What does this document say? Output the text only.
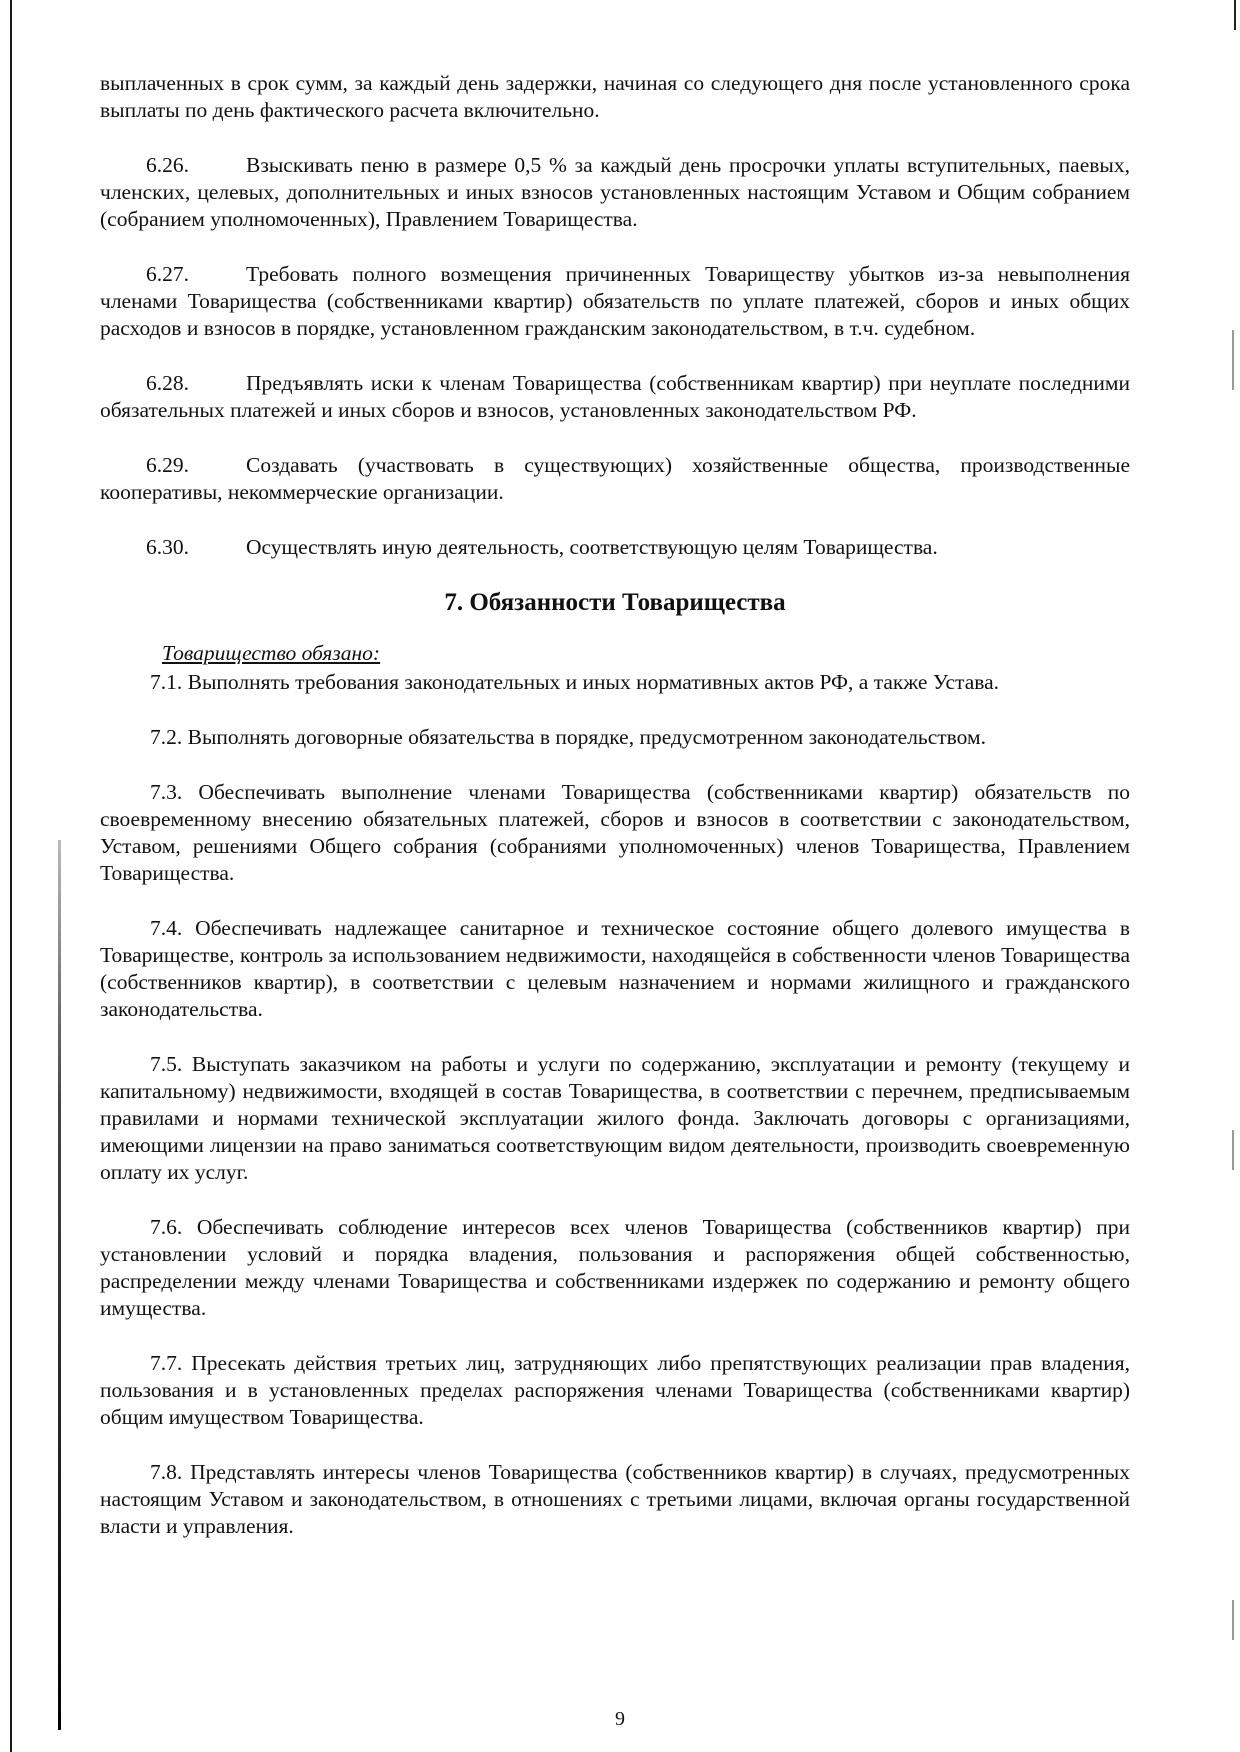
выплаченных в срок сумм, за каждый день задержки, начиная со следующего дня после установленного срока выплаты по день фактического расчета включительно.

6.26.	Взыскивать пеню в размере 0,5 % за каждый день просрочки уплаты вступительных, паевых, членских, целевых, дополнительных и иных взносов установленных настоящим Уставом и Общим собранием (собранием уполномоченных), Правлением Товарищества.

6.27.	Требовать полного возмещения причиненных Товариществу убытков из-за невыполнения членами Товарищества (собственниками квартир) обязательств по уплате платежей, сборов и иных общих расходов и взносов в порядке, установленном гражданским законодательством, в т.ч. судебном.

6.28.	Предъявлять иски к членам Товарищества (собственникам квартир) при неуплате последними обязательных платежей и иных сборов и взносов, установленных законодательством РФ.

6.29.	Создавать (участвовать в существующих) хозяйственные общества, производственные кооперативы, некоммерческие организации.

6.30.	Осуществлять иную деятельность, соответствующую целям Товарищества.

7. Обязанности Товарищества
Товарищество обязано:

7.1. Выполнять требования законодательных и иных нормативных актов РФ, а также Устава.

7.2. Выполнять договорные обязательства в порядке, предусмотренном законодательством.

7.3. Обеспечивать выполнение членами Товарищества (собственниками квартир) обязательств по своевременному внесению обязательных платежей, сборов и взносов в соответствии с законодательством, Уставом, решениями Общего собрания (собраниями уполномоченных) членов Товарищества, Правлением Товарищества.

7.4. Обеспечивать надлежащее санитарное и техническое состояние общего долевого имущества в Товариществе, контроль за использованием недвижимости, находящейся в собственности членов Товарищества (собственников квартир), в соответствии с целевым назначением и нормами жилищного и гражданского законодательства.

7.5. Выступать заказчиком на работы и услуги по содержанию, эксплуатации и ремонту (текущему и капитальному) недвижимости, входящей в состав Товарищества, в соответствии с перечнем, предписываемым правилами и нормами технической эксплуатации жилого фонда. Заключать договоры с организациями, имеющими лицензии на право заниматься соответствующим видом деятельности, производить своевременную оплату их услуг.

7.6. Обеспечивать соблюдение интересов всех членов Товарищества (собственников квартир) при установлении условий и порядка владения, пользования и распоряжения общей собственностью, распределении между членами Товарищества и собственниками издержек по содержанию и ремонту общего имущества.

7.7. Пресекать действия третьих лиц, затрудняющих либо препятствующих реализации прав владения, пользования и в установленных пределах распоряжения членами Товарищества (собственниками квартир) общим имуществом Товарищества.

7.8. Представлять интересы членов Товарищества (собственников квартир) в случаях, предусмотренных настоящим Уставом и законодательством, в отношениях с третьими лицами, включая органы государственной власти и управления.

9
